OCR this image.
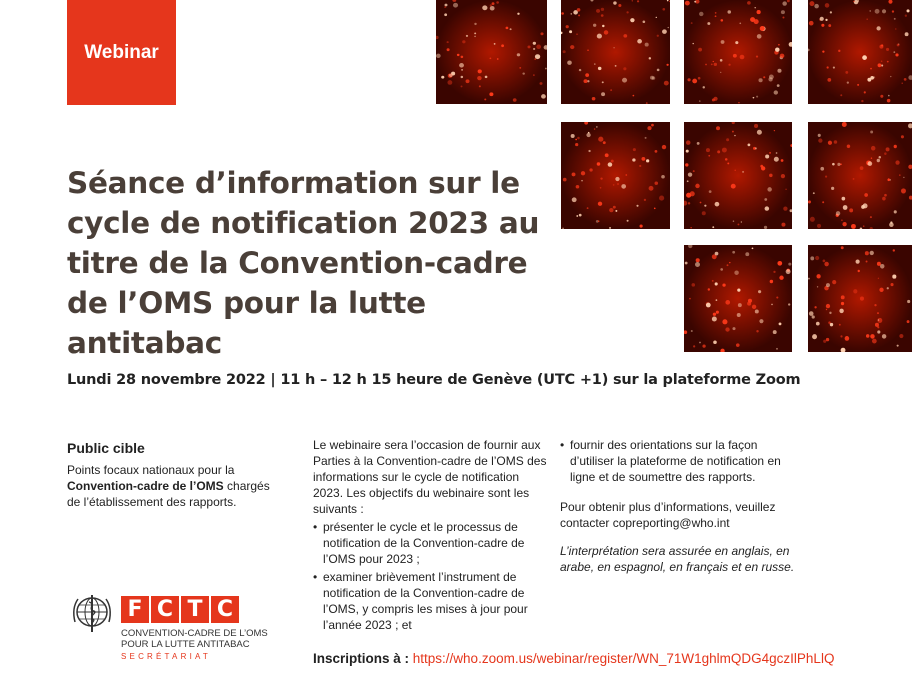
Webinar
Séance d’information sur le cycle de notification 2023 au titre de la Convention-cadre de l’OMS pour la lutte antitabac
Lundi 28 novembre 2022 | 11 h – 12 h 15 heure de Genève (UTC +1) sur la plateforme Zoom
Public cible

Points focaux nationaux pour la Convention-cadre de l’OMS chargés de l’établissement des rapports.

Le webinaire sera l’occasion de fournir aux Parties à la Convention-cadre de l’OMS des informations sur le cycle de notification 2023. Les objectifs du webinaire sont les suivants :

• présenter le cycle et le processus de notification de la Convention-cadre de l’OMS pour 2023 ;
• examiner brièvement l’instrument de notification de la Convention-cadre de l’OMS, y compris les mises à jour pour l’année 2023 ; et
• fournir des orientations sur la façon d’utiliser la plateforme de notification en ligne et de soumettre des rapports.

Pour obtenir plus d’informations, veuillez contacter copreporting@who.int

L’interprétation sera assurée en anglais, en arabe, en espagnol, en français et en russe.

F C T C
CONVENTION-CADRE DE L’OMS
POUR LA LUTTE ANTITABAC
SECRÉTARIAT	Inscriptions à : https://who.zoom.us/webinar/register/WN_71W1ghlmQDG4gczIlPhLlQ
